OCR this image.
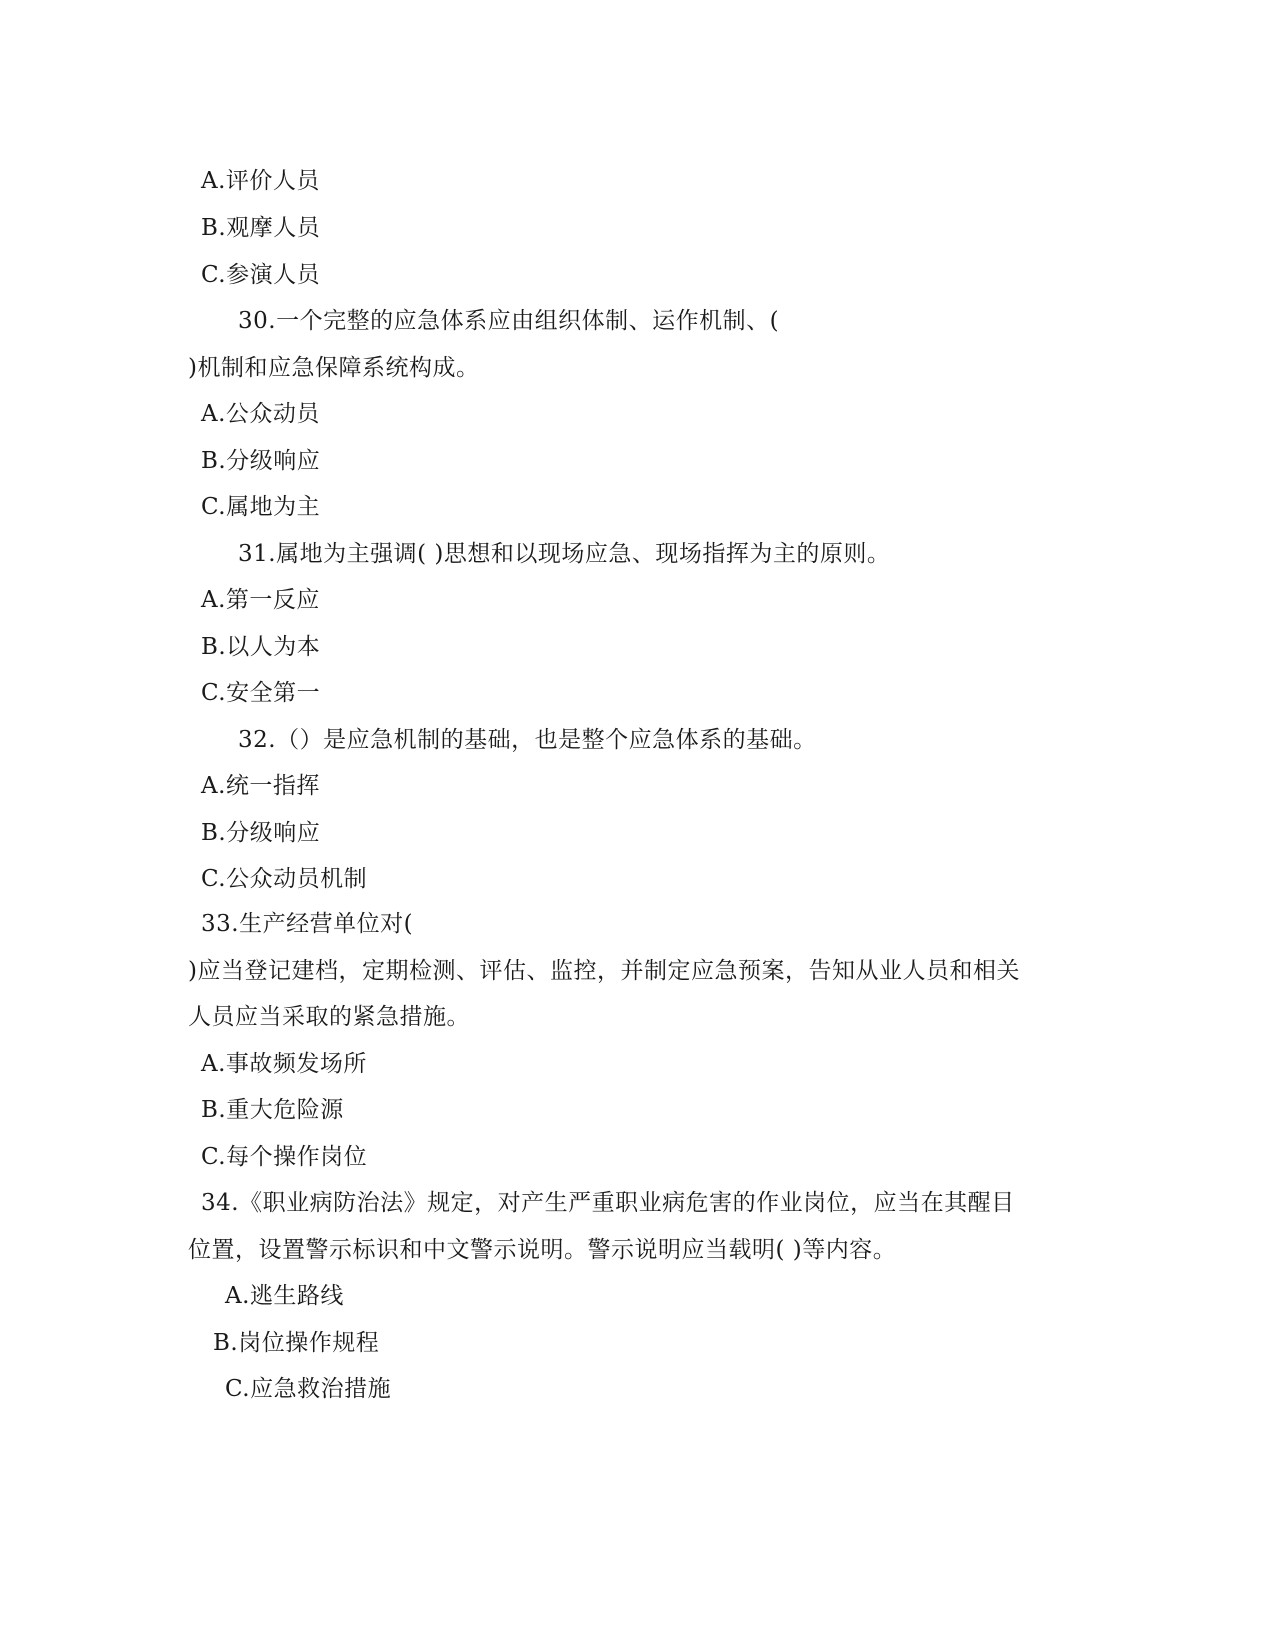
A.评价人员
B.观摩人员
C.参演人员
30.一个完整的应急体系应由组织体制、运作机制、(
)机制和应急保障系统构成。
A.公众动员
B.分级响应
C.属地为主
31.属地为主强调( )思想和以现场应急、现场指挥为主的原则。
A.第一反应
B.以人为本
C.安全第一
32.（）是应急机制的基础，也是整个应急体系的基础。
A.统一指挥
B.分级响应
C.公众动员机制
33.生产经营单位对(
)应当登记建档，定期检测、评估、监控，并制定应急预案，告知从业人员和相关
人员应当采取的紧急措施。
A.事故频发场所
B.重大危险源
C.每个操作岗位
34.《职业病防治法》规定，对产生严重职业病危害的作业岗位，应当在其醒目
位置，设置警示标识和中文警示说明。警示说明应当载明( )等内容。
A.逃生路线
B.岗位操作规程
C.应急救治措施
